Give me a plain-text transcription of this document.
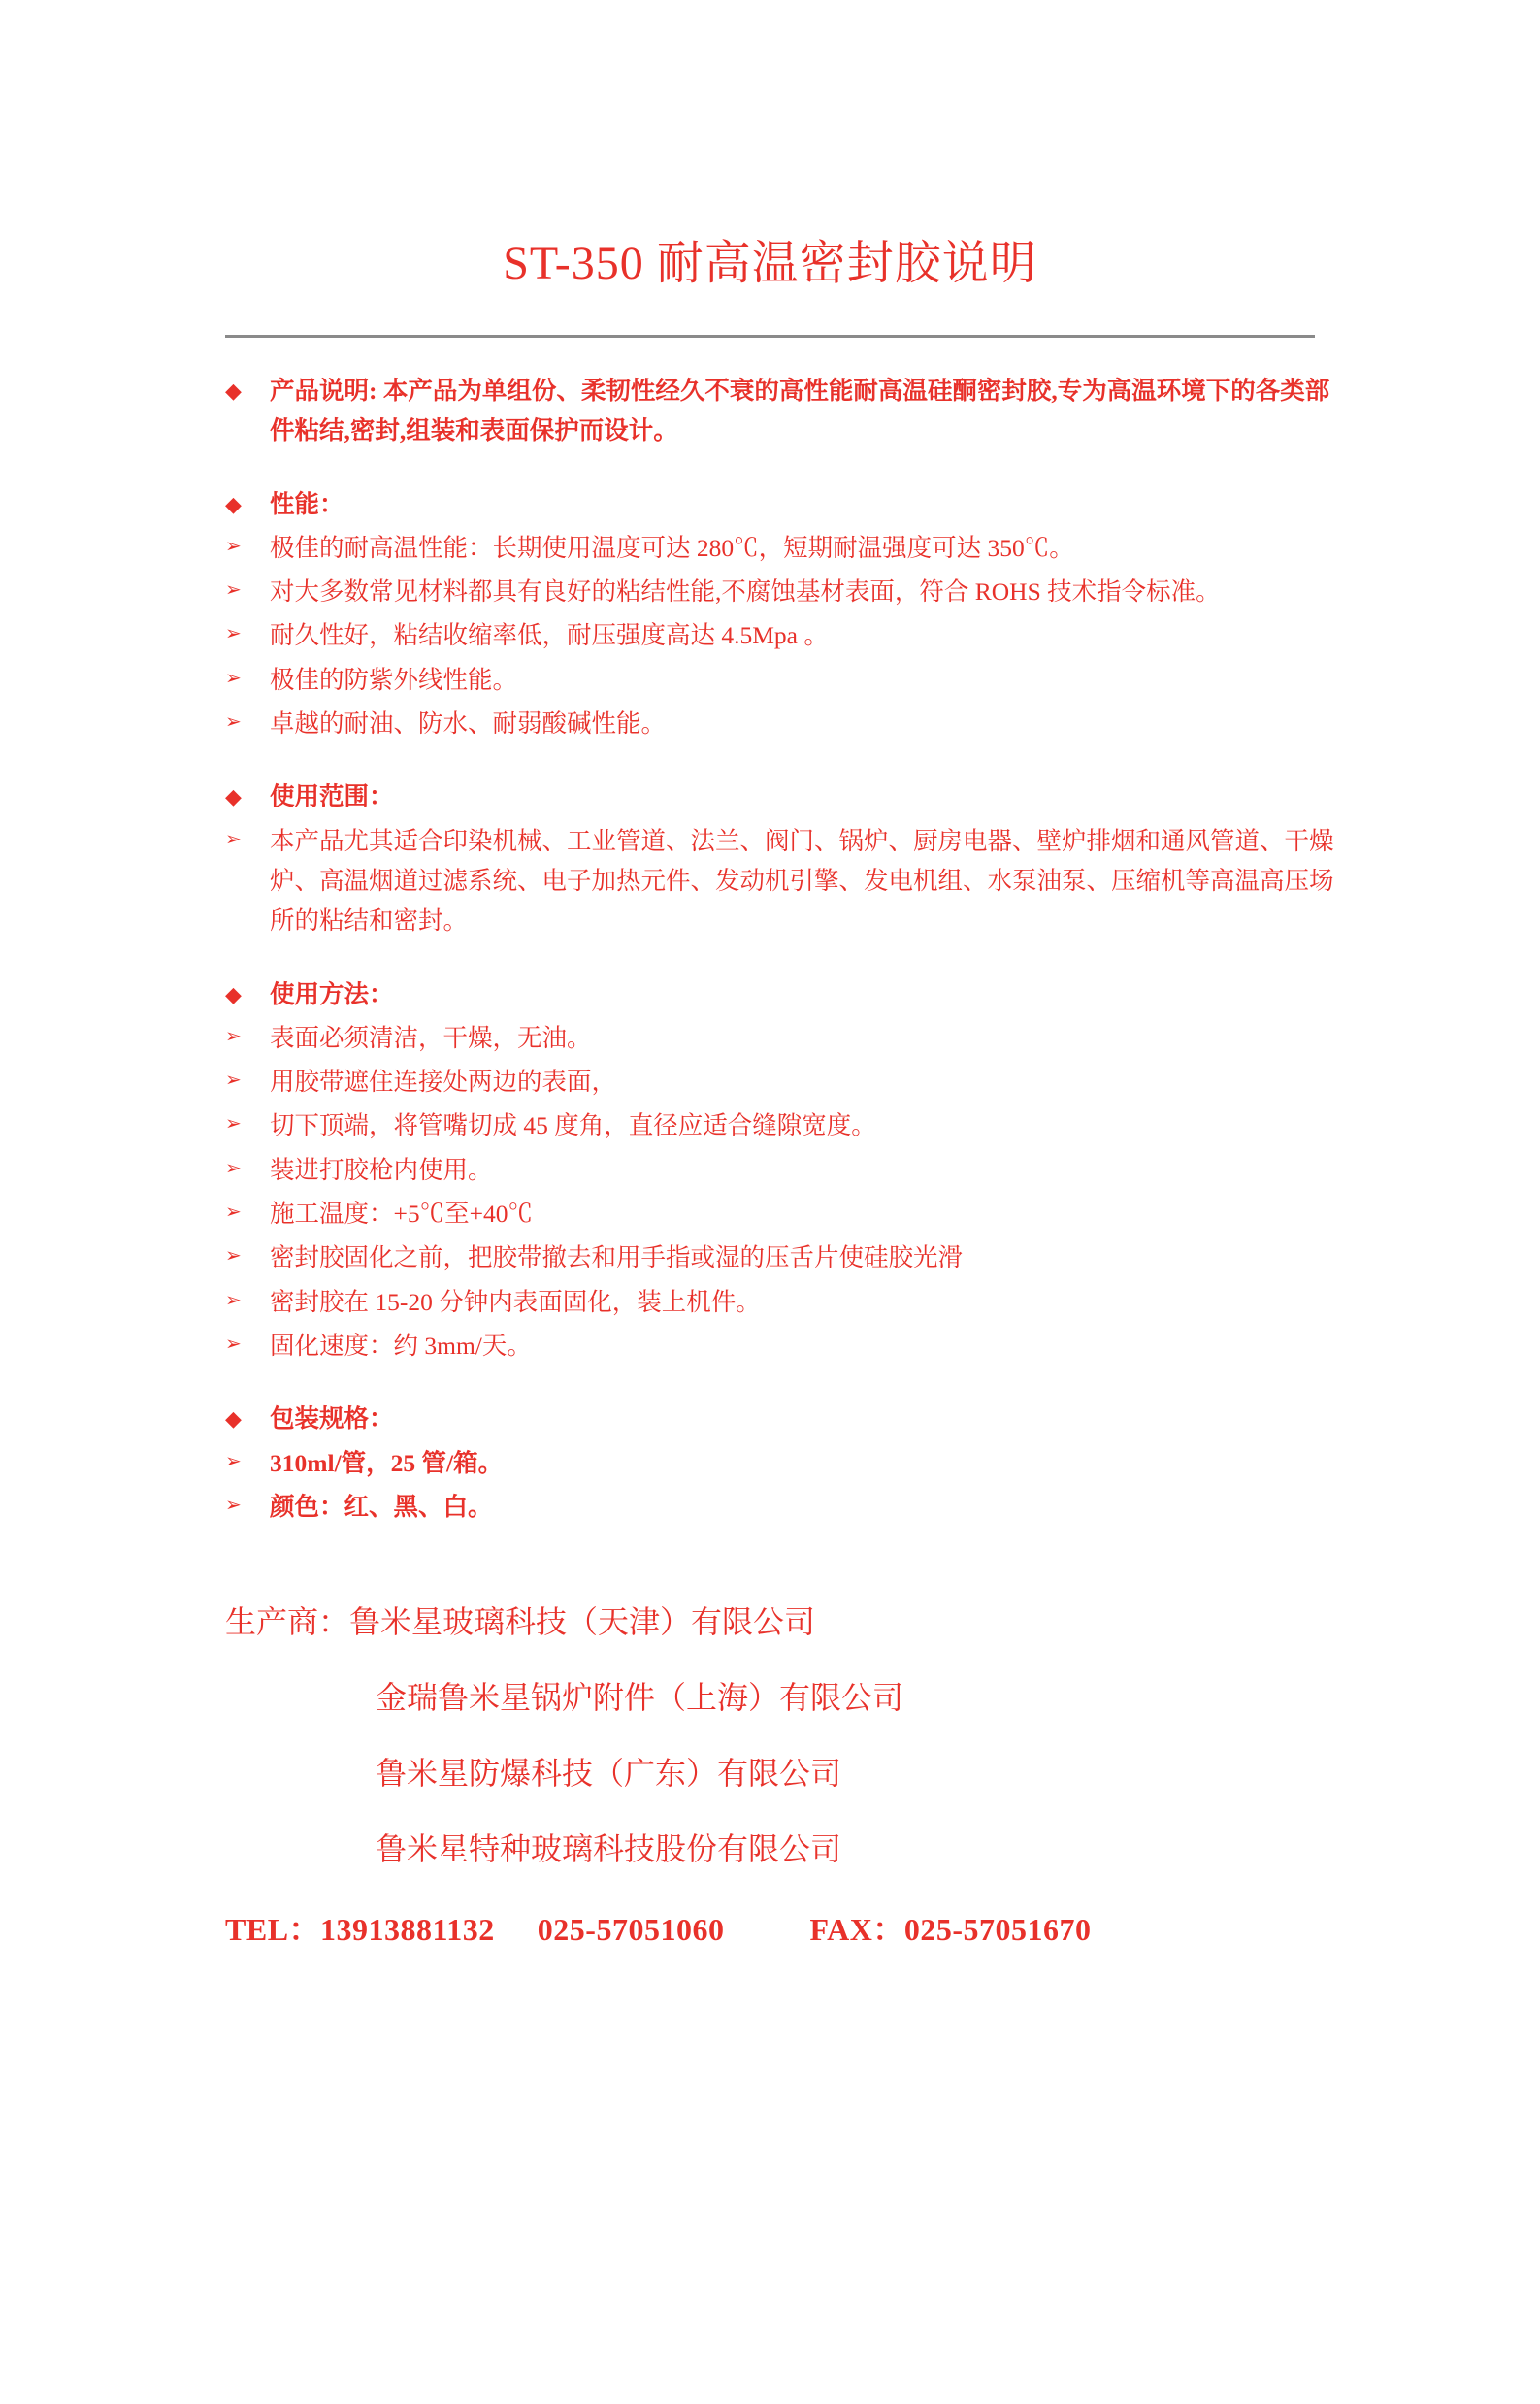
ST-350 耐高温密封胶说明
◆	产品说明: 本产品为单组份、柔韧性经久不衰的高性能耐高温硅酮密封胶,专为高温环境下的各类部件粘结,密封,组装和表面保护而设计。
◆	性能：
➢	极佳的耐高温性能：长期使用温度可达 280℃，短期耐温强度可达 350℃。
➢	对大多数常见材料都具有良好的粘结性能,不腐蚀基材表面，符合 ROHS 技术指令标准。
➢	耐久性好，粘结收缩率低，耐压强度高达 4.5Mpa 。
➢	极佳的防紫外线性能。
➢	卓越的耐油、防水、耐弱酸碱性能。
◆	使用范围：
➢	本产品尤其适合印染机械、工业管道、法兰、阀门、锅炉、厨房电器、壁炉排烟和通风管道、干燥炉、高温烟道过滤系统、电子加热元件、发动机引擎、发电机组、水泵油泵、压缩机等高温高压场所的粘结和密封。
◆	使用方法：
➢	表面必须清洁，干燥，无油。
➢	用胶带遮住连接处两边的表面，
➢	切下顶端，将管嘴切成 45 度角，直径应适合缝隙宽度。
➢	装进打胶枪内使用。
➢	施工温度：+5℃至+40℃
➢	密封胶固化之前，把胶带撤去和用手指或湿的压舌片使硅胶光滑
➢	密封胶在 15-20 分钟内表面固化，装上机件。
➢	固化速度：约 3mm/天。
◆	包装规格：
➢	310ml/管，25 管/箱。
➢	颜色：红、黑、白。
生产商：鲁米星玻璃科技（天津）有限公司
金瑞鲁米星锅炉附件（上海）有限公司
鲁米星防爆科技（广东）有限公司
鲁米星特种玻璃科技股份有限公司
TEL：13913881132 025-57051060	FAX：025-57051670
